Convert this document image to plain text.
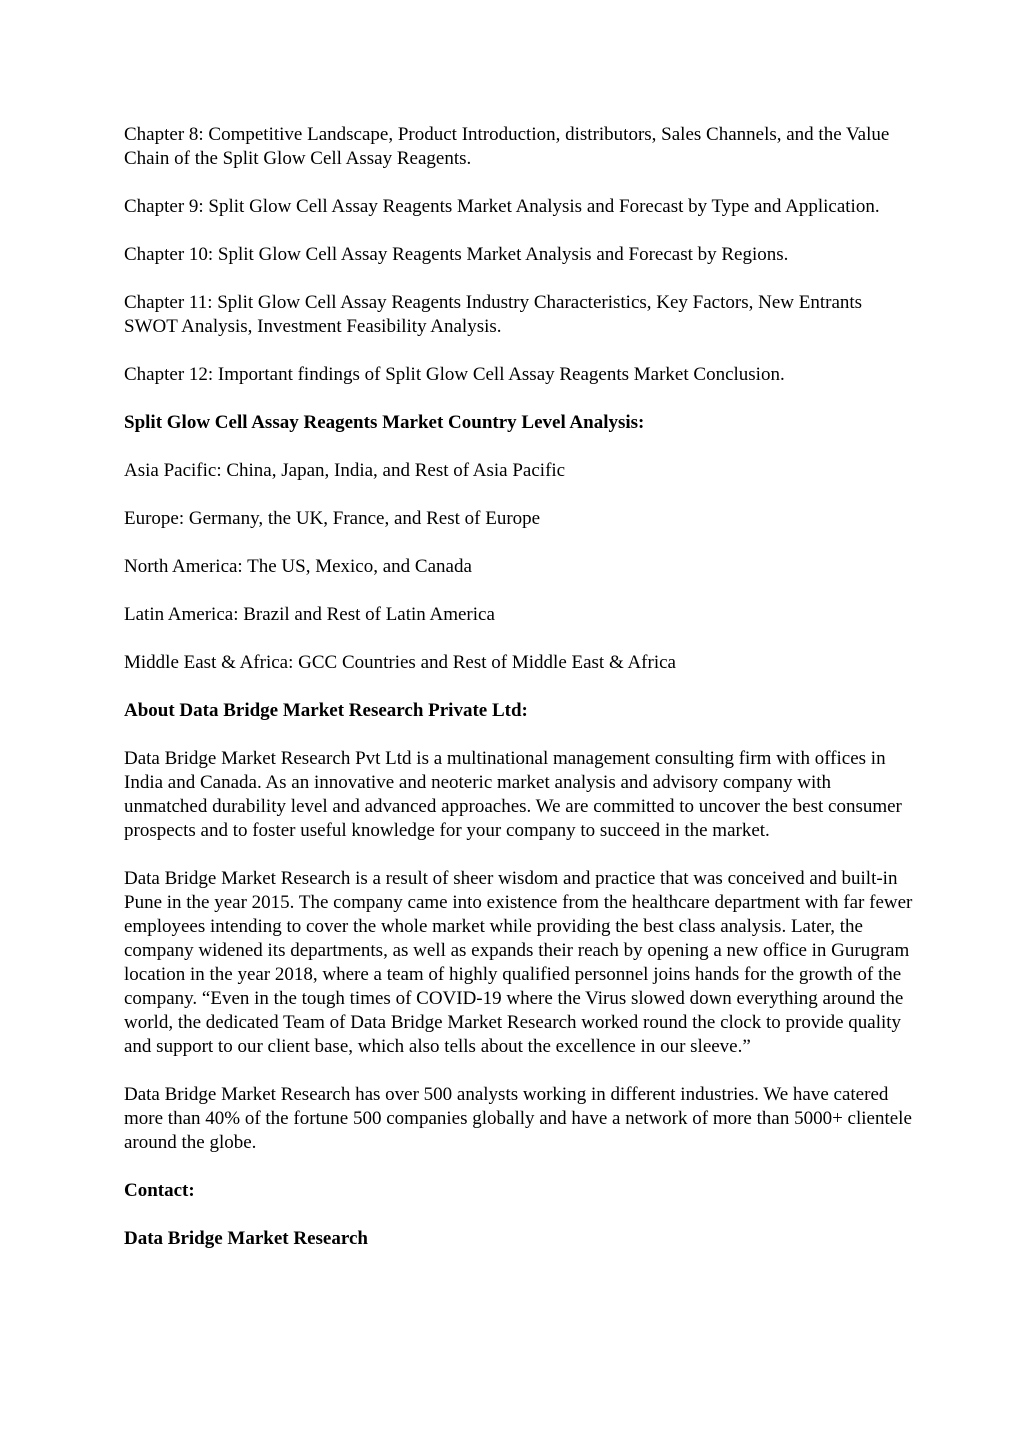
Chapter 8: Competitive Landscape, Product Introduction, distributors, Sales Channels, and the Value Chain of the Split Glow Cell Assay Reagents.

Chapter 9: Split Glow Cell Assay Reagents Market Analysis and Forecast by Type and Application.

Chapter 10: Split Glow Cell Assay Reagents Market Analysis and Forecast by Regions.

Chapter 11: Split Glow Cell Assay Reagents Industry Characteristics, Key Factors, New Entrants SWOT Analysis, Investment Feasibility Analysis.

Chapter 12: Important findings of Split Glow Cell Assay Reagents Market Conclusion.

Split Glow Cell Assay Reagents Market Country Level Analysis:

Asia Pacific: China, Japan, India, and Rest of Asia Pacific

Europe: Germany, the UK, France, and Rest of Europe

North America: The US, Mexico, and Canada

Latin America: Brazil and Rest of Latin America

Middle East & Africa: GCC Countries and Rest of Middle East & Africa

About Data Bridge Market Research Private Ltd:

Data Bridge Market Research Pvt Ltd is a multinational management consulting firm with offices in India and Canada. As an innovative and neoteric market analysis and advisory company with unmatched durability level and advanced approaches. We are committed to uncover the best consumer prospects and to foster useful knowledge for your company to succeed in the market.

Data Bridge Market Research is a result of sheer wisdom and practice that was conceived and built-in Pune in the year 2015. The company came into existence from the healthcare department with far fewer employees intending to cover the whole market while providing the best class analysis. Later, the company widened its departments, as well as expands their reach by opening a new office in Gurugram location in the year 2018, where a team of highly qualified personnel joins hands for the growth of the company. “Even in the tough times of COVID-19 where the Virus slowed down everything around the world, the dedicated Team of Data Bridge Market Research worked round the clock to provide quality and support to our client base, which also tells about the excellence in our sleeve.”

Data Bridge Market Research has over 500 analysts working in different industries. We have catered more than 40% of the fortune 500 companies globally and have a network of more than 5000+ clientele around the globe.

Contact:

Data Bridge Market Research
